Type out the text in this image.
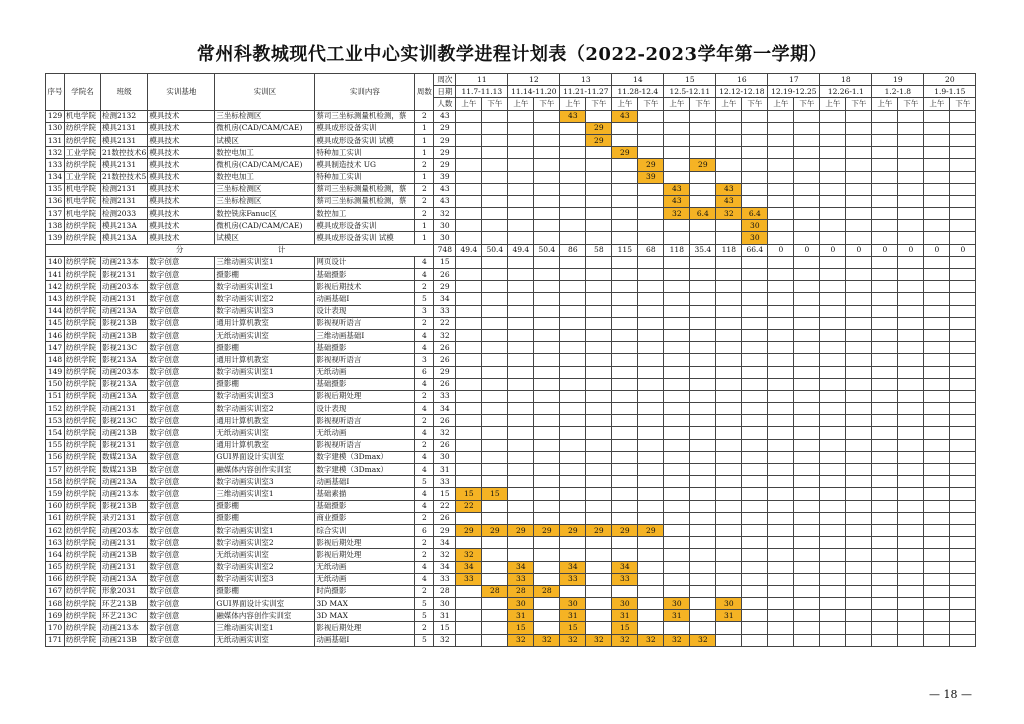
常州科教城现代工业中心实训教学进程计划表（2022-2023学年第一学期）
序号	学院名	班级	实训基地	实训区	实训内容	周数	周次	11		12		13		14		15		16		17		18		19		20	
							日期	11.7-11.13		11.14-11.20		11.21-11.27		11.28-12.4		12.5-12.11		12.12-12.18		12.19-12.25		12.26-1.1		1.2-1.8		1.9-1.15	
							人数	上午	下午	上午	下午	上午	下午	上午	下午	上午	下午	上午	下午	上午	下午	上午	下午	上午	下午	上午	下午
129	机电学院	检测2132	模具技术	三坐标检测区	蔡司三坐标测量机检测，蔡	2	43					43		43													
130	纺织学院	模具2131	模具技术	微机房(CAD/CAM/CAE)	模具成形设备实训	1	29						29														
131	纺织学院	模具2131	模具技术	试模区	模具成形设备实训 试模	1	29						29														
132	工业学院	21数控技术6	模具技术	数控电加工	特种加工实训	1	29							29													
133	纺织学院	模具2131	模具技术	微机房(CAD/CAM/CAE)	模具制造技术 UG	2	29								29		29										
134	工业学院	21数控技术5	模具技术	数控电加工	特种加工实训	1	39								39												
135	机电学院	检测2131	模具技术	三坐标检测区	蔡司三坐标测量机检测，蔡	2	43									43		43									
136	机电学院	检测2131	模具技术	三坐标检测区	蔡司三坐标测量机检测，蔡	2	43									43		43									
137	机电学院	检测2033	模具技术	数控铣床Fanuc区	数控加工	2	32									32	6.4	32	6.4								
138	纺织学院	模具213A	模具技术	微机房(CAD/CAM/CAE)	模具成形设备实训	1	30												30								
139	纺织学院	模具213A	模具技术	试模区	模具成形设备实训 试模	1	30												30								
分　　　计							748	49.4	50.4	49.4	50.4	86	58	115	68	118	35.4	118	66.4	0	0	0	0	0	0	0	0
140	纺织学院	动画213本	数字创意	三维动画实训室1	网页设计	4	15																				
141	纺织学院	影视2131	数字创意	摄影棚	基础摄影	4	26																				
142	纺织学院	动画203本	数字创意	数字动画实训室1	影视后期技术	2	29																				
143	纺织学院	动画2131	数字创意	数字动画实训室2	动画基础Ⅰ	5	34																				
144	纺织学院	动画213A	数字创意	数字动画实训室3	设计表现	3	33																				
145	纺织学院	影视213B	数字创意	通用计算机教室	影视视听语言	2	22																				
146	纺织学院	动画213B	数字创意	无纸动画实训室	三维动画基础Ⅰ	4	32																				
147	纺织学院	影视213C	数字创意	摄影棚	基础摄影	4	26																				
148	纺织学院	影视213A	数字创意	通用计算机教室	影视视听语言	3	26																				
149	纺织学院	动画203本	数字创意	数字动画实训室1	无纸动画	6	29																				
150	纺织学院	影视213A	数字创意	摄影棚	基础摄影	4	26																				
151	纺织学院	动画213A	数字创意	数字动画实训室3	影视后期处理	2	33																				
152	纺织学院	动画2131	数字创意	数字动画实训室2	设计表现	4	34																				
153	纺织学院	影视213C	数字创意	通用计算机教室	影视视听语言	2	26																				
154	纺织学院	动画213B	数字创意	无纸动画实训室	无纸动画	4	32																				
155	纺织学院	影视2131	数字创意	通用计算机教室	影视视听语言	2	26																				
156	纺织学院	数媒213A	数字创意	GUI界面设计实训室	数字建模（3Dmax）	4	30																				
157	纺织学院	数媒213B	数字创意	融媒体内容创作实训室	数字建模（3Dmax）	4	31																				
158	纺织学院	动画213A	数字创意	数字动画实训室3	动画基础Ⅰ	5	33																				
159	纺织学院	动画213本	数字创意	三维动画实训室1	基础素描	4	15	15	15																		
160	纺织学院	影视213B	数字创意	摄影棚	基础摄影	4	22	22																			
161	纺织学院	录刃2131	数字创意	摄影棚	商业摄影	2	26																				
162	纺织学院	动画203本	数字创意	数字动画实训室1	综合实训	6	29	29	29	29	29	29	29	29	29												
163	纺织学院	动画2131	数字创意	数字动画实训室2	影视后期处理	2	34																				
164	纺织学院	动画213B	数字创意	无纸动画实训室	影视后期处理	2	32	32																			
165	纺织学院	动画2131	数字创意	数字动画实训室2	无纸动画	4	34	34		34		34		34													
166	纺织学院	动画213A	数字创意	数字动画实训室3	无纸动画	4	33	33		33		33		33													
167	纺织学院	形象2031	数字创意	摄影棚	时尚摄影	2	28		28	28	28																
168	纺织学院	环艺213B	数字创意	GUI界面设计实训室	3D MAX	5	30			30		30		30		30		30									
169	纺织学院	环艺213C	数字创意	融媒体内容创作实训室	3D MAX	5	31			31		31		31		31		31									
170	纺织学院	动画213本	数字创意	三维动画实训室1	影视后期处理	2	15			15		15		15													
171	纺织学院	动画213B	数字创意	无纸动画实训室	动画基础Ⅰ	5	32			32	32	32	32	32	32	32	32										
— 18 —
